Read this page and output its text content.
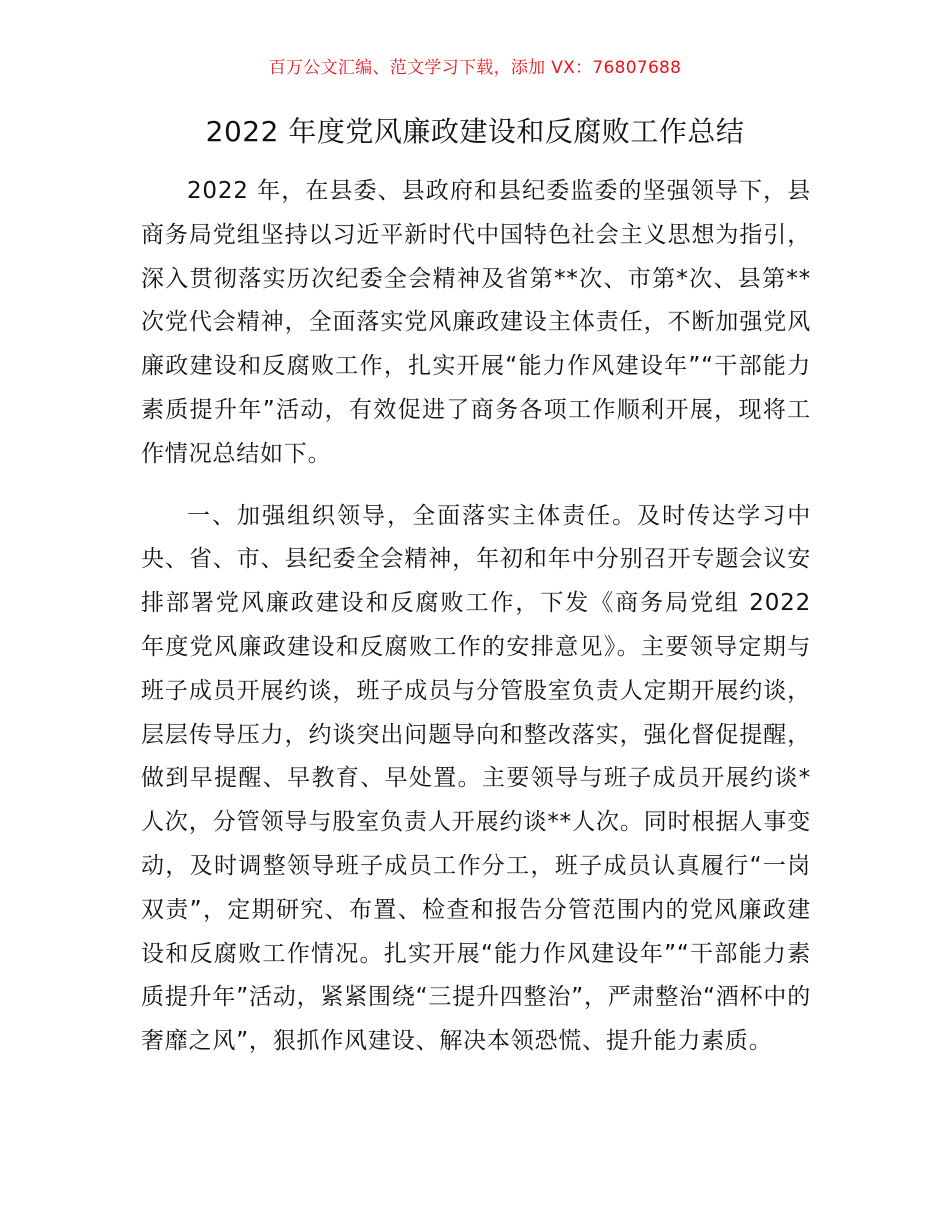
百万公文汇编、范文学习下载，添加 VX：76807688
2022 年度党风廉政建设和反腐败工作总结

2022 年，在县委、县政府和县纪委监委的坚强领导下，县商务局党组坚持以习近平新时代中国特色社会主义思想为指引，深入贯彻落实历次纪委全会精神及省第**次、市第*次、县第**次党代会精神，全面落实党风廉政建设主体责任，不断加强党风廉政建设和反腐败工作，扎实开展“能力作风建设年”“干部能力素质提升年”活动，有效促进了商务各项工作顺利开展，现将工作情况总结如下。

一、加强组织领导，全面落实主体责任。及时传达学习中央、省、市、县纪委全会精神，年初和年中分别召开专题会议安排部署党风廉政建设和反腐败工作，下发《商务局党组 2022 年度党风廉政建设和反腐败工作的安排意见》。主要领导定期与班子成员开展约谈，班子成员与分管股室负责人定期开展约谈，层层传导压力，约谈突出问题导向和整改落实，强化督促提醒，做到早提醒、早教育、早处置。主要领导与班子成员开展约谈*人次，分管领导与股室负责人开展约谈**人次。同时根据人事变动，及时调整领导班子成员工作分工，班子成员认真履行“一岗双责”，定期研究、布置、检查和报告分管范围内的党风廉政建设和反腐败工作情况。扎实开展“能力作风建设年”“干部能力素质提升年”活动，紧紧围绕“三提升四整治”，严肃整治“酒杯中的奢靡之风”，狠抓作风建设、解决本领恐慌、提升能力素质。
